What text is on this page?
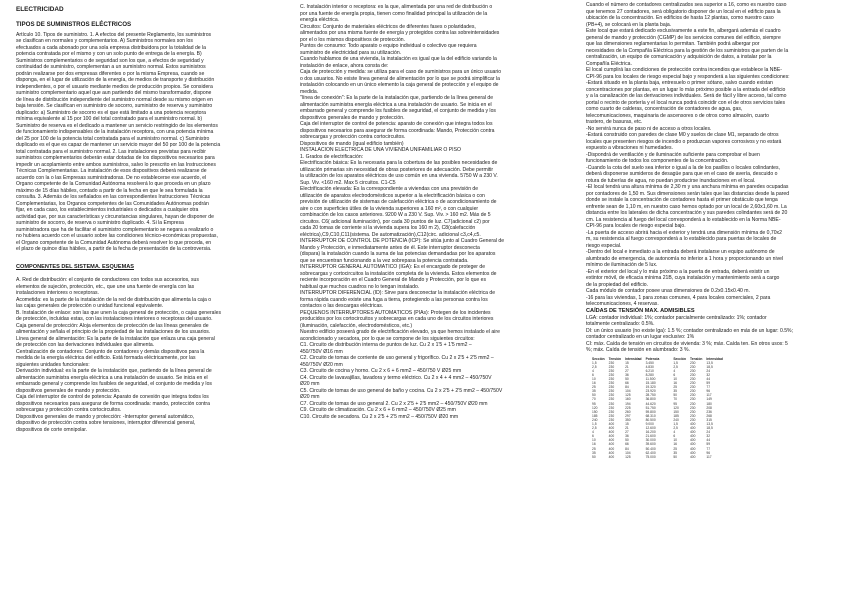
ELECTRICIDAD
TIPOS DE SUMINISTROS ELÉCTRICOS
Artículo 10. Tipos de suministro. 1. A efectos del presente Reglamento, los suministros
se clasifican en normales y complementarios. A) Suministros normales son los
efectuados a cada abonado por una sola empresa distribuidora por la totalidad de la
potencia contratada por el mismo y con un solo punto de entrega de la energía. B)
Suministros complementarios o de seguridad son los que, a efectos de seguridad y
continuidad de suministro, complementan a un suministro normal. Estos suministros
podrán realizarse por dos empresas diferentes o por la misma Empresa, cuando se
disponga, en el lugar de utilización de la energía, de medios de transporte y distribución
independientes, o por el usuario mediante medios de producción propios. Se considera
suministro complementario aquel que aun partiendo del mismo transformador, dispone
de línea de distribución independiente del suministro normal desde su mismo origen en
baja tensión. Se clasifican en suministro de socorro, suministro de reserva y suministro
duplicado: a) Suministro de socorro es el que está limitado a una potencia receptora
mínima equivalente al 15 por 100 del total contratado para el suministro normal. b)
Suministro de reserva es el dedicado a mantener un servicio restringido de los elementos
de funcionamiento indispensables de la instalación receptora, con una potencia mínima
del 25 por 100 de la potencia total contratada para el suministro normal. c) Suministro
duplicado es el que es capaz de mantener un servicio mayor del 50 por 100 de la potencia
total contratada para el suministro normal. 2. Las instalaciones previstas para recibir
suministros complementarios deberán estar dotadas de los dispositivos necesarios para
impedir un acoplamiento entre ambos suministros, salvo lo prescrito en las Instrucciones
Técnicas Complementarias. La instalación de esos dispositivos deberá realizarse de
acuerdo con la o las Empresas suministradoras. De no establecerse ese acuerdo, el
Órgano competente de la Comunidad Autónoma resolverá lo que proceda en un plazo
máximo de 15 días hábiles, contado a partir de la fecha en que le sea formulada la
consulta. 3. Además de los señalados en las correspondientes Instrucciones Técnicas
Complementarias, los Órganos competentes de las Comunidades Autónomas podrán
fijar, en cada caso, los establecimientos industriales o dedicados a cualquier otra
actividad que, por sus características y circunstancias singulares, hayan de disponer de
suministro de socorro, de reserva o suministro duplicado. 4. Si la Empresa
suministradora que ha de facilitar el suministro complementario se negara a realizarlo o
no hubiera acuerdo con el usuario sobre las condiciones técnico-económicas propuestas,
el Órgano competente de la Comunidad Autónoma deberá resolver lo que proceda, en
el plazo de quince días hábiles, a partir de la fecha de presentación de la controversia.
COMPONENTES DEL SISTEMA. ESQUEMAS
A. Red de distribución: el conjunto de conductores con todos sus accesorios, sus
elementos de sujeción, protección, etc., que une una fuente de energía con las
instalaciones interiores o receptoras.
Acometida: es la parte de la instalación de la red de distribución que alimenta la caja o
las cajas generales de protección o unidad funcional equivalente.
B. Instalación de enlace: son las que unen la caja general de protección, o cajas generales
de protección, incluidas estas, con las instalaciones interiores o receptoras del usuario.
Caja general de protección: Aloja elementos de protección de las líneas generales de
alimentación y señala el principio de la propiedad de las instalaciones de los usuarios.
Línea general de alimentación: Es la parte de la instalación que enlaza una caja general
de protección con las derivaciones individuales que alimenta.
Centralización de contadores: Conjunto de contadores y demás dispositivos para la
medida de la energía eléctrica del edificio. Está formada eléctricamente, por las
siguientes unidades funcionales:
Derivación individual: es la parte de la instalación que, partiendo de la línea general de
alimentación suministra energía eléctrica a una instalación de usuario. Se inicia en el
embarrado general y comprende los fusibles de seguridad, el conjunto de medida y los
dispositivos generales de mando y protección.
Caja del interruptor de control de potencia: Aparato de conexión que integra todos los
dispositivos necesarios para asegurar de forma coordinada: mando, protección contra
sobrecargas y protección contra cortocircuitos.
Dispositivos generales de mando y protección: -Interruptor general automático,
dispositivo de protección contra sobre tensiones, interruptor diferencial general,
dispositivos de corte omnipolar.
C. Instalación interior o receptora: es la que, alimentada por una red de distribución o
por una fuente de energía propia, tienen como finalidad principal la utilización de la
energía eléctrica.
Circuitos: Conjunto de materiales eléctricos de diferentes fases o polaridades,
alimentados por una misma fuente de energía y protegidos contra las sobreintensidades
por el o los mismos dispositivos de protección.
Puntos de consumo: Todo aparato o equipo individual o colectivo que requiera
suministro de electricidad para su utilización.
Cuando hablamos de una vivienda, la instalación es igual que la del edificio variando la
instalación de enlace, ahora consta de:
Caja de protección y medida: se utiliza para el caso de suministros para un único usuario
o dos usuarios. No existe línea general de alimentación por lo que se podrá simplificar la
instalación colocando en un único elemento la caja general de protección y el equipo de
medida.
"línea de conexión": Es la parte de la instalación que, partiendo de la línea general de
alimentación suministra energía eléctrica a una instalación de usuario. Se inicia en el
embarrado general y comprende los fusibles de seguridad, el conjunto de medida y los
dispositivos generales de mando y protección.
Caja del interruptor de control de potencia: aparato de conexión que integra todos los
dispositivos necesarios para asegurar de forma coordinada: Mando, Protección contra
sobrecargas y protección contra cortocircuitos.
Dispositivos de mando (igual edificio también)
INSTALACIÓN ELÉCTRICA DE UNA VIVIENDA UNIFAMILIAR O PISO
1. Grados de electrificación:
Electrificación básica: Es la necesaria para la cobertura de las posibles necesidades de
utilización primarias sin necesidad de obras posteriores de adecuación. Debe permitir
la utilización de los aparatos eléctricos de uso común en una vivienda. 5750 W a 230 V.
Sup. Viv. <160 m2. Max 5 circuitos. C1-C5
Electrificación elevada: Es la correspondiente a viviendas con una previsión de
utilización de aparatos electrodomésticos superior a la electrificación básica o con
previsión de utilización de sistemas de calefacción eléctrica o de acondicionamiento de
aire o con superficies útiles de la vivienda superiores a 160 m², o con cualquier
combinación de los casos anteriores. 9200 W a 230 V. Sup. Viv. > 160 m2. Más de 5
circuitos. C6( adicional iluminación), por cada 30 puntos de luz. C7(adicional c2) por
cada 20 tomas de corriente si la vivienda supera los 160 m 2), C8(calefacción
eléctrica),C9,C10,C11(sistema. De automatización),C12(circ. adicional c3,c4,c5.
INTERRUPTOR DE CONTROL DE POTENCIA (ICP): Se sitúa junto al Cuadro General de
Mando y Protección, e inmediatamente antes de él. Este interruptor desconecta
(dispara) la instalación cuando la suma de las potencias demandadas por los aparatos
que se encuentran funcionando a la vez sobrepasa la potencia contratada.
INTERRUPTOR GENERAL AUTOMÁTICO (IGA): Es el encargado de proteger de
sobrecargas y cortocircuitos la instalación completa de la vivienda. Estos elementos de
reciente incorporación en el Cuadro General de Mando y Protección, por lo que es
habitual que muchos cuadros no lo tengan instalado.
INTERRUPTOR DIFERENCIAL (ID): Sirve para desconectar la instalación eléctrica de
forma rápida cuando existe una fuga a tierra, protegiendo a las personas contra los
contactos o las descargas eléctricas.
PEQUEÑOS INTERRUPTORES AUTOMÁTICOS (PIAs): Protegen de los incidentes
producidos por los cortocircuitos y sobrecargas en cada uno de los circuitos interiores
(iluminación, calefacción, electrodomésticos, etc.)
Nuestro edificio poseerá grado de electrificación elevado, ya que hemos instalado el aire
acondicionado y secadora, por lo que se compone de los siguientes circuitos:
C1. Circuito de distribución interna de puntos de luz. Cu 2 x 1'5 + 1'5 mm2 –
450/750V Ø16 mm
C2. Circuito de tomas de corriente de uso general y frigorífico. Cu 2 x 2'5 + 2'5 mm2 –
450/750V Ø20 mm
C3. Circuito de cocina y horno. Cu 2 x 6 + 6 mm2 – 450/750 V Ø25 mm
C4. Circuito de lavavajillas, lavadora y termo eléctrico. Cu 2 x 4 + 4 mm2 – 450/750V
Ø20 mm
C5. Circuito de tomas de uso general de baño y cocina. Cu 2 x 2'5 + 2'5 mm2 – 450/750V
Ø20 mm
C7. Circuito de tomas de uso general 2. Cu 2 x 2'5 + 2'5 mm2 – 450/750V Ø20 mm
C9. Circuito de climatización. Cu 2 x 6 + 6 mm2 – 450/750V Ø25 mm
C10. Circuito de secadora. Cu 2 x 2'5 + 2'5 mm2 – 450/750V Ø20 mm
Cuando el número de contadores centralizados sea superior a 16, como es nuestro caso
que tenemos 27 contadores, será obligatorio disponer de un local en el edificio para la
ubicación de la concentración. En edificios de hasta 12 plantas, como nuestro caso
(PB+4), se colocará en la planta baja.
Este local que estará dedicado exclusivamente a este fin, albergará además el cuadro
general de mando y protección (CGMP) de los servicios comunes del edificio, siempre
que las dimensiones reglamentarias lo permitan. También podrá albergar por
necesidades de la Compañía Eléctrica para la gestión de los suministros que parten de la
centralización, un equipo de comunicación y adquisición de datos, a instalar por la
Compañía Eléctrica.
El local cumplirá las condiciones de protección contra incendios que establece la NBE-
CPI-96 para los locales de riesgo especial bajo y responderá a las siguientes condiciones:
-Estará situado en la planta baja, entresuelo o primer sótano, salvo cuando existan
concentraciones por plantas, en un lugar lo más próximo posible a la entrada del edificio
y a la canalización de las derivaciones individuales. Será de fácil y libre acceso, tal como
portal o recinto de portería y el local nunca podrá coincidir con el de otros servicios tales
como cuarto de calderas, concentración de contadores de agua, gas,
telecomunicaciones, maquinaria de ascensores o de otros como almacén, cuarto
trastero, de basuras, etc.
-No servirá nunca de paso ni de acceso a otros locales.
-Estará construido con paredes de clase M0 y suelos de clase M1, separado de otros
locales que presenten riesgos de incendio o produzcan vapores corrosivos y no estará
expuesto a vibraciones ni humedades.
-Dispondrá de ventilación y de iluminación suficiente para comprobar el buen
funcionamiento de todos los componentes de la concentración.
-Cuando la cota del suelo sea inferior o igual a la de los pasillos o locales colindantes,
deberá disponerse sumideros de desagüe para que en el caso de avería, descuido o
rotura de tuberías de agua, no puedan producirse inundaciones en el local.
-El local tendrá una altura mínima de 2,30 m y una anchura mínima en paredes ocupadas
por contadores de 1,50 m. Sus dimensiones serán tales que las distancias desde la pared
donde se instale la concentración de contadores hasta el primer obstáculo que tenga
enfrente sean de 1,10 m, en nuestro caso hemos optado por un local de 2,60x1,60 m. La
distancia entre los laterales de dicha concentración y sus paredes colindantes será de 20
cm. La resistencia al fuego del local corresponderá a lo establecido en la Norma NBE-
CPI-96 para locales de riesgo especial bajo.
-La puerta de acceso abrirá hacia el exterior y tendrá una dimensión mínima de 0,70x2
m, su resistencia al fuego corresponderá a lo establecido para puertas de locales de
riesgo especial.
-Dentro del local e inmediato a la entrada deberá instalarse un equipo autónomo de
alumbrado de emergencia, de autonomía no inferior a 1 hora y proporcionando un nivel
mínimo de iluminación de 5 lux.
-En el exterior del local y lo más próximo a la puerta de entrada, deberá existir un
extintor móvil, de eficacia mínima 21B, cuya instalación y mantenimiento será a cargo
de la propiedad del edificio.
Cada módulo de contador posee unas dimensiones de 0.2x0.15x0.40 m.
-16 para las viviendas, 1 para zonas comunes, 4 para locales comerciales, 2 para
telecomunicaciones, 4 reservas.
CAÍDAS DE TENSIÓN MAX. ADMISIBLES
LGA: contador individual: 1%; contador parcialmente centralizado: 1%; contador
totalmente centralizado: 0.5%.
DI: un único usuario (no existe lga): 1.5 %; contador centralizado en más de un lugar: 0.5%;
contador centralizado en un lugar exclusivo: 1%
CI: máx. Caída de tensión en circuitos de vivienda: 3 %; máx. Caída ten. En otros usos: 5
%; máx. Caída de tensión en alumbrado: 3 %.
Sección	Tensión	Intensidad	Potencia
1,5	230	15	3.450
2,5	230	21	4.830
4	230	27	6.210
6	230	36	8.280
10	230	50	11.500
16	230	66	15.180
25	230	84	19.320
35	230	104	23.920
50	230	125	28.750
70	230	160	36.800
95	230	194	44.620
120	230	225	51.750
150	230	260	59.800
185	230	297	68.310
240	230	350	80.500
1,5	400	15	9.000
2,5	400	21	12.600
4	400	27	16.200
6	400	36	21.600
10	400	50	30.000
16	400	66	39.600
25	400	84	50.400
35	400	104	62.400
50	400	125	75.000
Sección	Tensión	Intensidad
1,5	230	13,5
2,5	230	18,5
4	230	24
6	230	32
10	230	44
16	230	59
25	230	77
35	230	96
50	230	117
70	230	149
95	230	180
120	230	208
150	230	236
185	230	268
240	230	315
1,5	400	13,5
2,5	400	18,5
4	400	24
6	400	32
10	400	44
16	400	59
25	400	77
35	400	96
50	400	117
